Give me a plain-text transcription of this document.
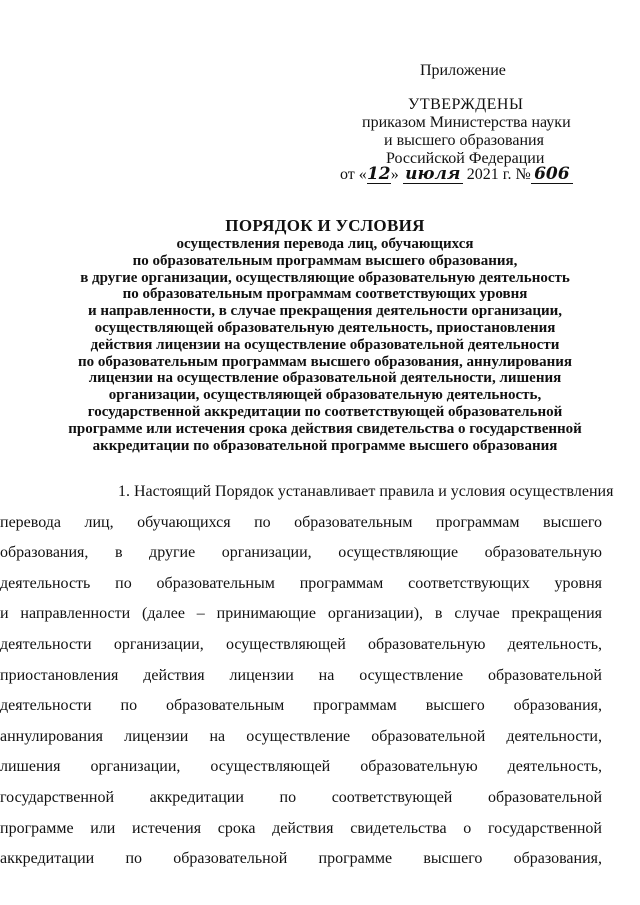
Приложение
УТВЕРЖДЕНЫ
приказом Министерства науки
и высшего образования
Российской Федерации
от «12» июля 2021 г. № 606
ПОРЯДОК И УСЛОВИЯ
осуществления перевода лиц, обучающихся
по образовательным программам высшего образования,
в другие организации, осуществляющие образовательную деятельность
по образовательным программам соответствующих уровня
и направленности, в случае прекращения деятельности организации,
осуществляющей образовательную деятельность, приостановления
действия лицензии на осуществление образовательной деятельности
по образовательным программам высшего образования, аннулирования
лицензии на осуществление образовательной деятельности, лишения
организации, осуществляющей образовательную деятельность,
государственной аккредитации по соответствующей образовательной
программе или истечения срока действия свидетельства о государственной
аккредитации по образовательной программе высшего образования
1. Настоящий Порядок устанавливает правила и условия осуществления
перевода лиц, обучающихся по образовательным программам высшего
образования, в другие организации, осуществляющие образовательную
деятельность по образовательным программам соответствующих уровня
и направленности (далее – принимающие организации), в случае прекращения
деятельности организации, осуществляющей образовательную деятельность,
приостановления действия лицензии на осуществление образовательной
деятельности по образовательным программам высшего образования,
аннулирования лицензии на осуществление образовательной деятельности,
лишения организации, осуществляющей образовательную деятельность,
государственной аккредитации по соответствующей образовательной
программе или истечения срока действия свидетельства о государственной
аккредитации по образовательной программе высшего образования,
